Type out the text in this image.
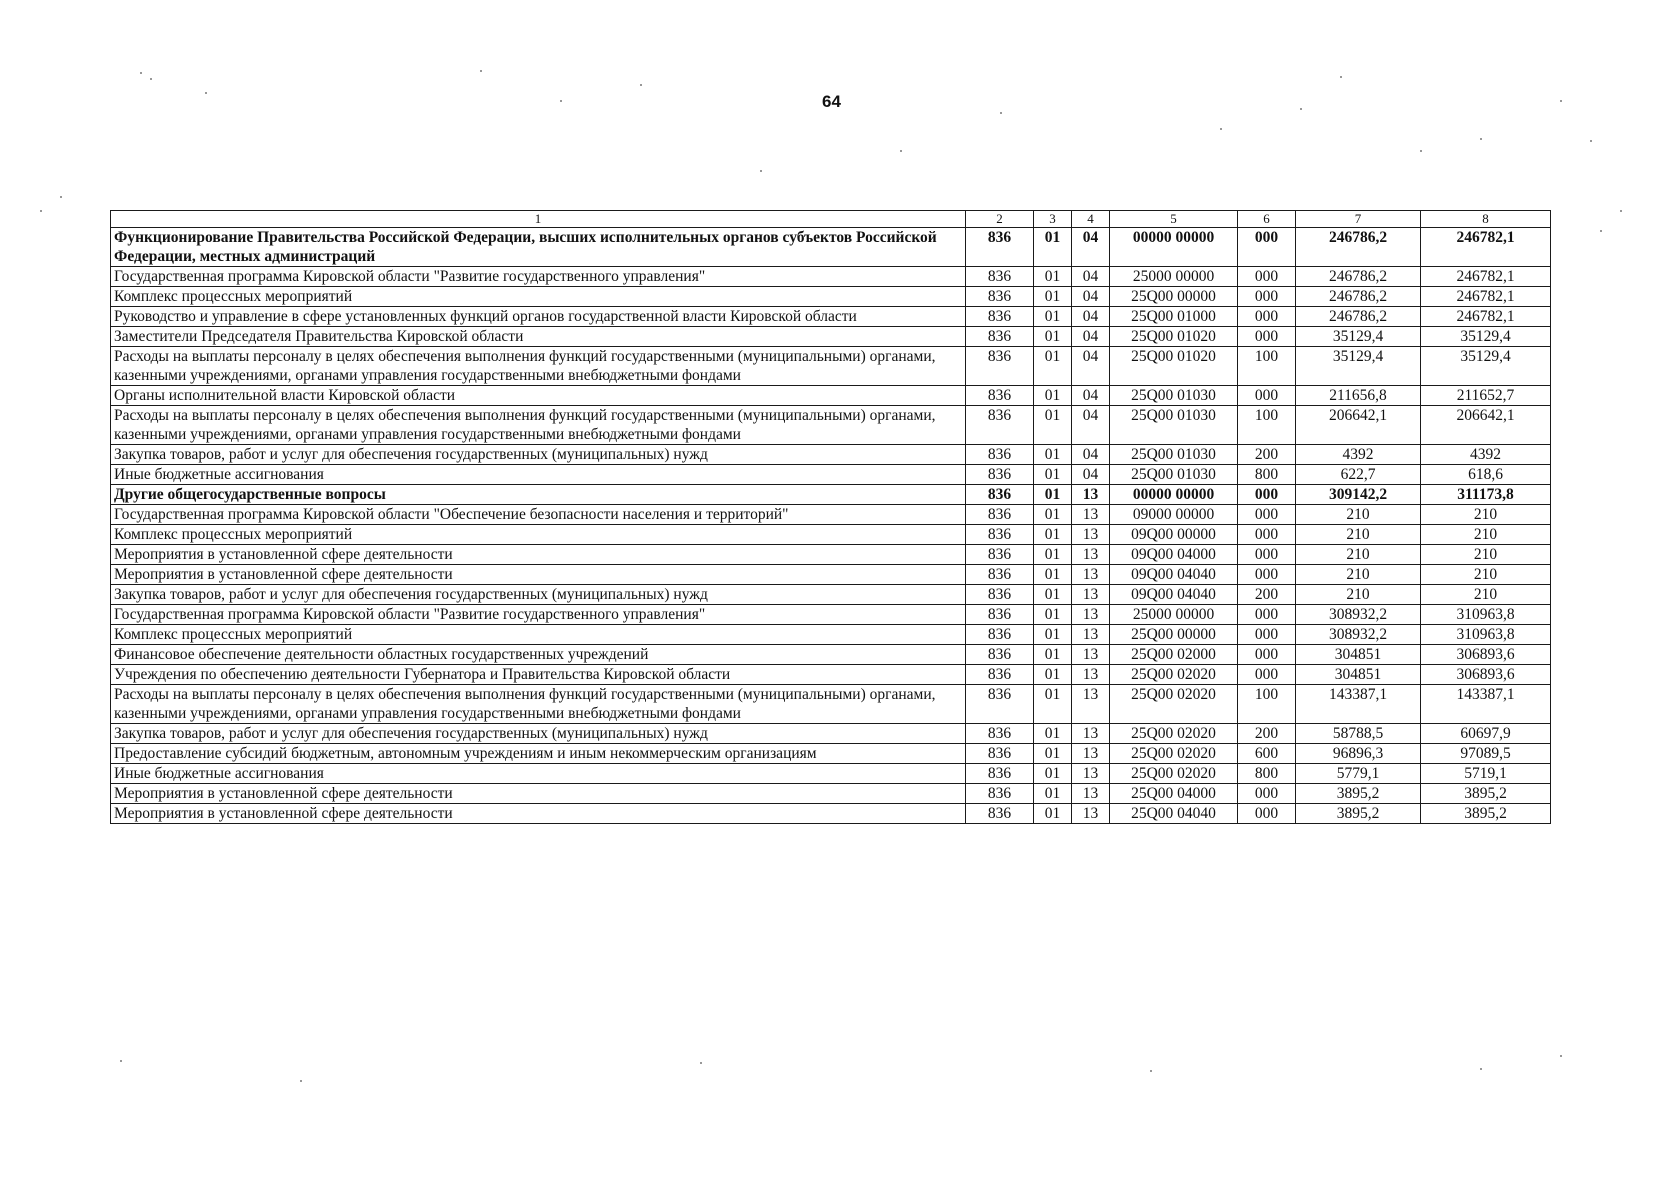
64
1	2	3	4	5	6	7	8
Функционирование Правительства Российской Федерации, высших исполнительных органов субъектов Российской Федерации, местных администраций	836	01	04	00000 00000	000	246786,2	246782,1
Государственная программа Кировской области "Развитие государственного управления"	836	01	04	25000 00000	000	246786,2	246782,1
Комплекс процессных мероприятий	836	01	04	25Q00 00000	000	246786,2	246782,1
Руководство и управление в сфере установленных функций органов государственной власти Кировской области	836	01	04	25Q00 01000	000	246786,2	246782,1
Заместители Председателя Правительства Кировской области	836	01	04	25Q00 01020	000	35129,4	35129,4
Расходы на выплаты персоналу в целях обеспечения выполнения функций государственными (муниципальными) органами, казенными учреждениями, органами управления государственными внебюджетными фондами	836	01	04	25Q00 01020	100	35129,4	35129,4
Органы исполнительной власти Кировской области	836	01	04	25Q00 01030	000	211656,8	211652,7
Расходы на выплаты персоналу в целях обеспечения выполнения функций государственными (муниципальными) органами, казенными учреждениями, органами управления государственными внебюджетными фондами	836	01	04	25Q00 01030	100	206642,1	206642,1
Закупка товаров, работ и услуг для обеспечения государственных (муниципальных) нужд	836	01	04	25Q00 01030	200	4392	4392
Иные бюджетные ассигнования	836	01	04	25Q00 01030	800	622,7	618,6
Другие общегосударственные вопросы	836	01	13	00000 00000	000	309142,2	311173,8
Государственная программа Кировской области "Обеспечение безопасности населения и территорий"	836	01	13	09000 00000	000	210	210
Комплекс процессных мероприятий	836	01	13	09Q00 00000	000	210	210
Мероприятия в установленной сфере деятельности	836	01	13	09Q00 04000	000	210	210
Мероприятия в установленной сфере деятельности	836	01	13	09Q00 04040	000	210	210
Закупка товаров, работ и услуг для обеспечения государственных (муниципальных) нужд	836	01	13	09Q00 04040	200	210	210
Государственная программа Кировской области "Развитие государственного управления"	836	01	13	25000 00000	000	308932,2	310963,8
Комплекс процессных мероприятий	836	01	13	25Q00 00000	000	308932,2	310963,8
Финансовое обеспечение деятельности областных государственных учреждений	836	01	13	25Q00 02000	000	304851	306893,6
Учреждения по обеспечению деятельности Губернатора и Правительства Кировской области	836	01	13	25Q00 02020	000	304851	306893,6
Расходы на выплаты персоналу в целях обеспечения выполнения функций государственными (муниципальными) органами, казенными учреждениями, органами управления государственными внебюджетными фондами	836	01	13	25Q00 02020	100	143387,1	143387,1
Закупка товаров, работ и услуг для обеспечения государственных (муниципальных) нужд	836	01	13	25Q00 02020	200	58788,5	60697,9
Предоставление субсидий бюджетным, автономным учреждениям и иным некоммерческим организациям	836	01	13	25Q00 02020	600	96896,3	97089,5
Иные бюджетные ассигнования	836	01	13	25Q00 02020	800	5779,1	5719,1
Мероприятия в установленной сфере деятельности	836	01	13	25Q00 04000	000	3895,2	3895,2
Мероприятия в установленной сфере деятельности	836	01	13	25Q00 04040	000	3895,2	3895,2
